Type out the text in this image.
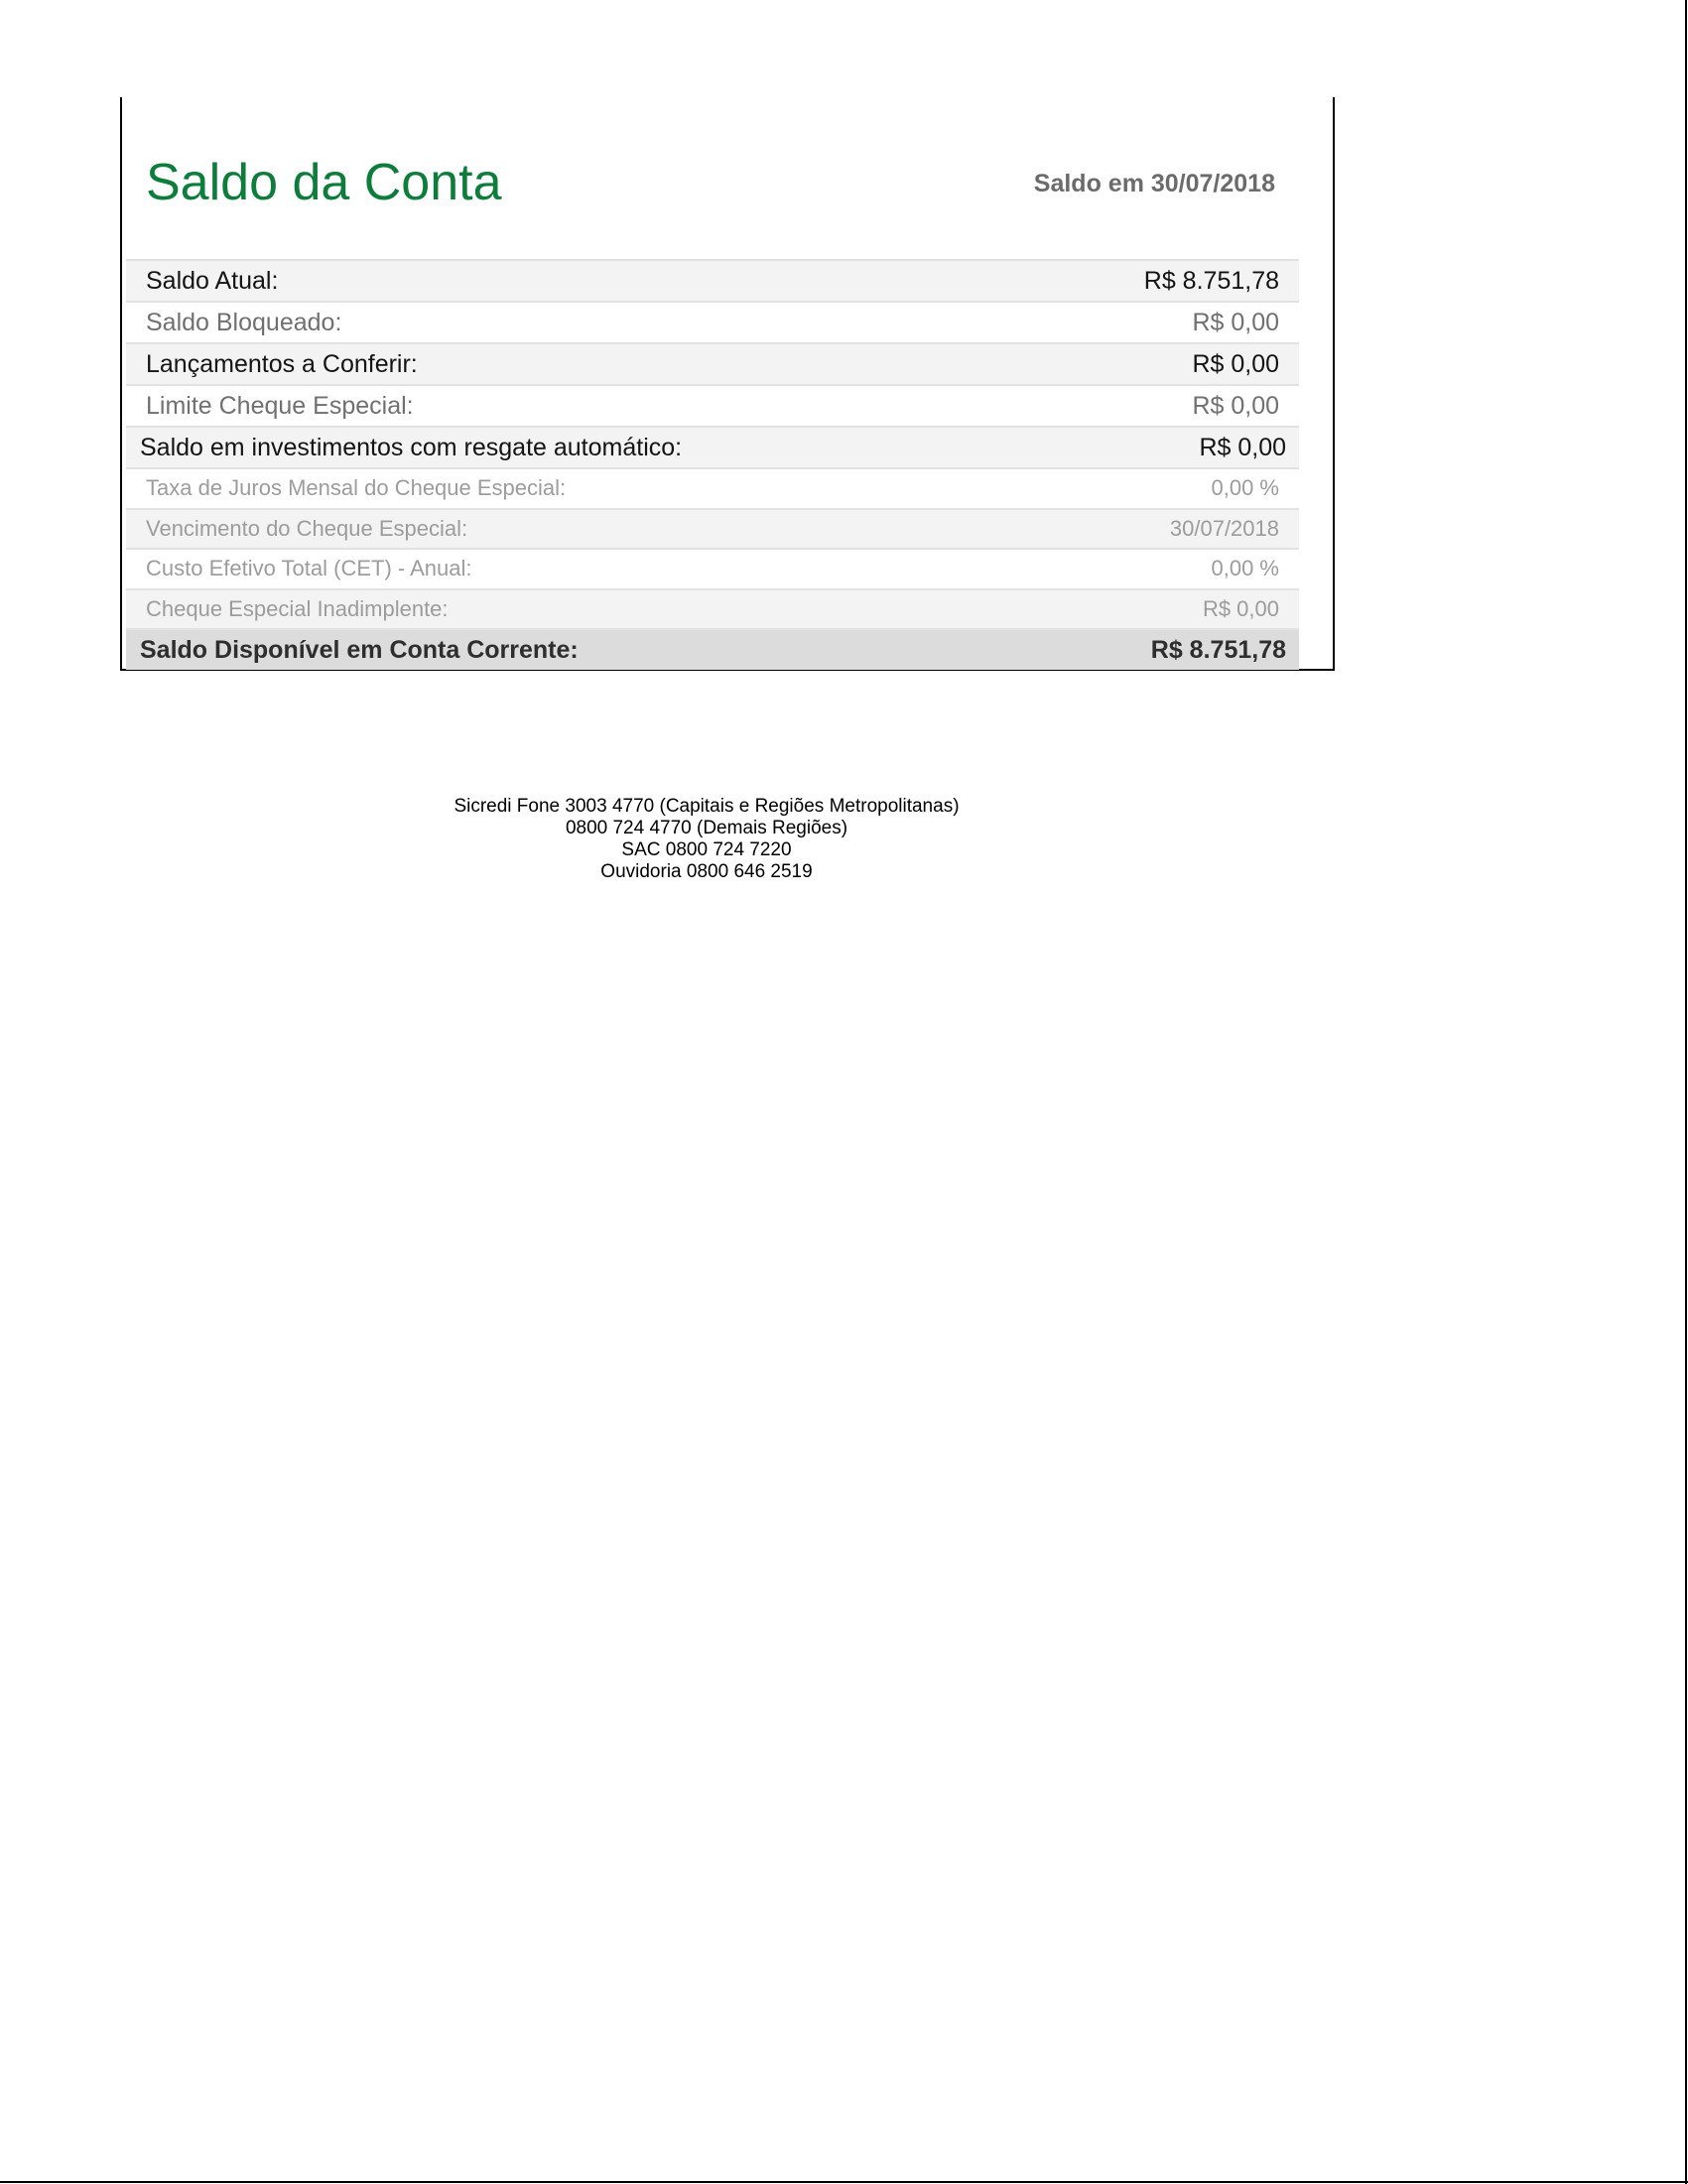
Saldo da Conta	Saldo em 30/07/2018
Saldo Atual:	R$ 8.751,78
Saldo Bloqueado:	R$ 0,00
Lançamentos a Conferir:	R$ 0,00
Limite Cheque Especial:	R$ 0,00
Saldo em investimentos com resgate automático:	R$ 0,00
Taxa de Juros Mensal do Cheque Especial:	0,00 %
Vencimento do Cheque Especial:	30/07/2018
Custo Efetivo Total (CET) - Anual:	0,00 %
Cheque Especial Inadimplente:	R$ 0,00
Saldo Disponível em Conta Corrente:	R$ 8.751,78
Sicredi Fone 3003 4770 (Capitais e Regiões Metropolitanas)
0800 724 4770 (Demais Regiões)
SAC 0800 724 7220
Ouvidoria 0800 646 2519
